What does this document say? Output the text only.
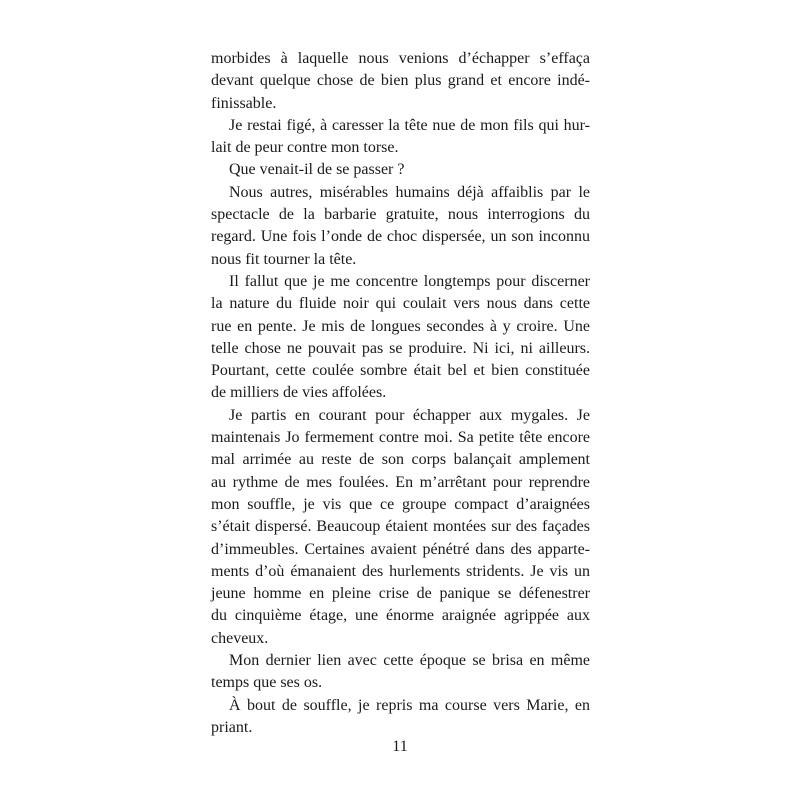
morbides à laquelle nous venions d’échapper s’effaça
devant quelque chose de bien plus grand et encore indé-
finissable.
Je restai figé, à caresser la tête nue de mon fils qui hur-
lait de peur contre mon torse.
Que venait-il de se passer ?
Nous autres, misérables humains déjà affaiblis par le
spectacle de la barbarie gratuite, nous interrogions du
regard. Une fois l’onde de choc dispersée, un son inconnu
nous fit tourner la tête.
Il fallut que je me concentre longtemps pour discerner
la nature du fluide noir qui coulait vers nous dans cette
rue en pente. Je mis de longues secondes à y croire. Une
telle chose ne pouvait pas se produire. Ni ici, ni ailleurs.
Pourtant, cette coulée sombre était bel et bien constituée
de milliers de vies affolées.
Je partis en courant pour échapper aux mygales. Je
maintenais Jo fermement contre moi. Sa petite tête encore
mal arrimée au reste de son corps balançait amplement
au rythme de mes foulées. En m’arrêtant pour reprendre
mon souffle, je vis que ce groupe compact d’araignées
s’était dispersé. Beaucoup étaient montées sur des façades
d’immeubles. Certaines avaient pénétré dans des apparte-
ments d’où émanaient des hurlements stridents. Je vis un
jeune homme en pleine crise de panique se défenestrer
du cinquième étage, une énorme araignée agrippée aux
cheveux.
Mon dernier lien avec cette époque se brisa en même
temps que ses os.
À bout de souffle, je repris ma course vers Marie, en
priant.
11
